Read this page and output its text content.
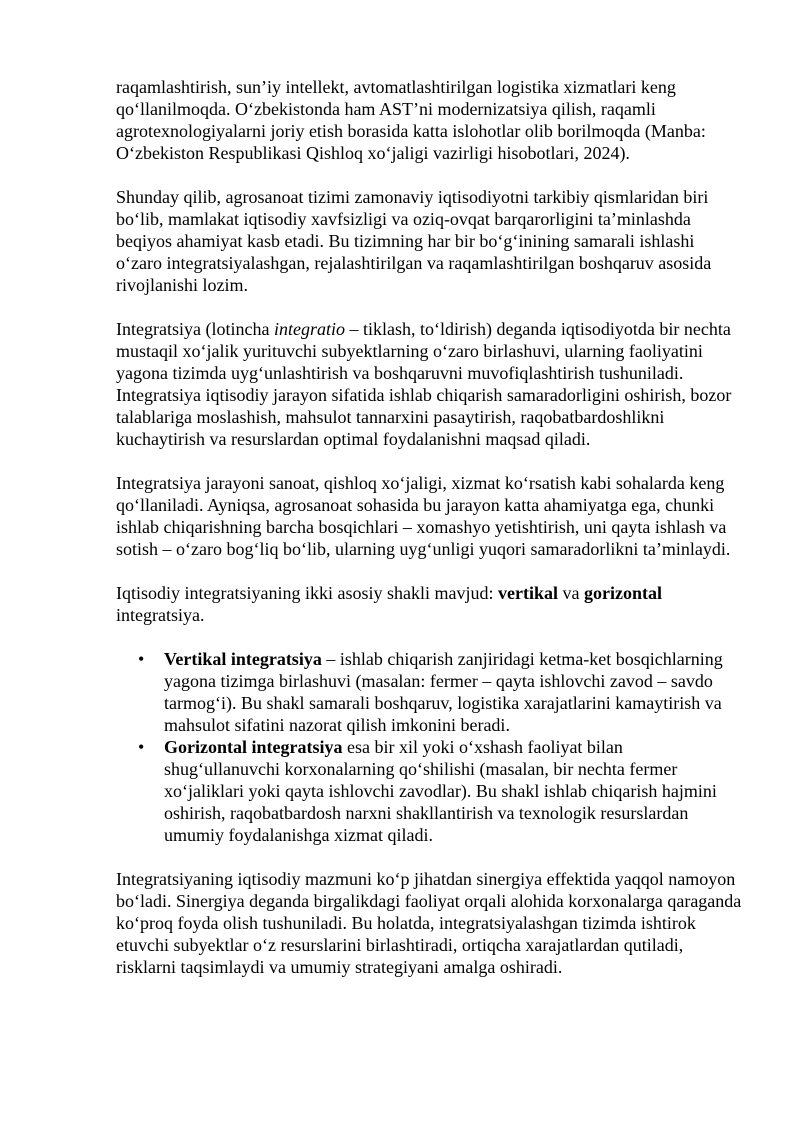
raqamlashtirish, sun’iy intellekt, avtomatlashtirilgan logistika xizmatlari keng qo‘llanilmoqda. O‘zbekistonda ham AST’ni modernizatsiya qilish, raqamli agrotexnologiyalarni joriy etish borasida katta islohotlar olib borilmoqda (Manba: O‘zbekiston Respublikasi Qishloq xo‘jaligi vazirligi hisobotlari, 2024).

Shunday qilib, agrosanoat tizimi zamonaviy iqtisodiyotni tarkibiy qismlaridan biri bo‘lib, mamlakat iqtisodiy xavfsizligi va oziq-ovqat barqarorligini ta’minlashda beqiyos ahamiyat kasb etadi. Bu tizimning har bir bo‘g‘inining samarali ishlashi o‘zaro integratsiyalashgan, rejalashtirilgan va raqamlashtirilgan boshqaruv asosida rivojlanishi lozim.

Integratsiya (lotincha integratio – tiklash, to‘ldirish) deganda iqtisodiyotda bir nechta mustaqil xo‘jalik yurituvchi subyektlarning o‘zaro birlashuvi, ularning faoliyatini yagona tizimda uyg‘unlashtirish va boshqaruvni muvofiqlashtirish tushuniladi. Integratsiya iqtisodiy jarayon sifatida ishlab chiqarish samaradorligini oshirish, bozor talablariga moslashish, mahsulot tannarxini pasaytirish, raqobatbardoshlikni kuchaytirish va resurslardan optimal foydalanishni maqsad qiladi.

Integratsiya jarayoni sanoat, qishloq xo‘jaligi, xizmat ko‘rsatish kabi sohalarda keng qo‘llaniladi. Ayniqsa, agrosanoat sohasida bu jarayon katta ahamiyatga ega, chunki ishlab chiqarishning barcha bosqichlari – xomashyo yetishtirish, uni qayta ishlash va sotish – o‘zaro bog‘liq bo‘lib, ularning uyg‘unligi yuqori samaradorlikni ta’minlaydi.

Iqtisodiy integratsiyaning ikki asosiy shakli mavjud: vertikal va gorizontal integratsiya.

• Vertikal integratsiya – ishlab chiqarish zanjiridagi ketma-ket bosqichlarning yagona tizimga birlashuvi (masalan: fermer – qayta ishlovchi zavod – savdo tarmog‘i). Bu shakl samarali boshqaruv, logistika xarajatlarini kamaytirish va mahsulot sifatini nazorat qilish imkonini beradi.
• Gorizontal integratsiya esa bir xil yoki o‘xshash faoliyat bilan shug‘ullanuvchi korxonalarning qo‘shilishi (masalan, bir nechta fermer xo‘jaliklari yoki qayta ishlovchi zavodlar). Bu shakl ishlab chiqarish hajmini oshirish, raqobatbardosh narxni shakllantirish va texnologik resurslardan umumiy foydalanishga xizmat qiladi.

Integratsiyaning iqtisodiy mazmuni ko‘p jihatdan sinergiya effektida yaqqol namoyon bo‘ladi. Sinergiya deganda birgalikdagi faoliyat orqali alohida korxonalarga qaraganda ko‘proq foyda olish tushuniladi. Bu holatda, integratsiyalashgan tizimda ishtirok etuvchi subyektlar o‘z resurslarini birlashtiradi, ortiqcha xarajatlardan qutiladi, risklarni taqsimlaydi va umumiy strategiyani amalga oshiradi.
